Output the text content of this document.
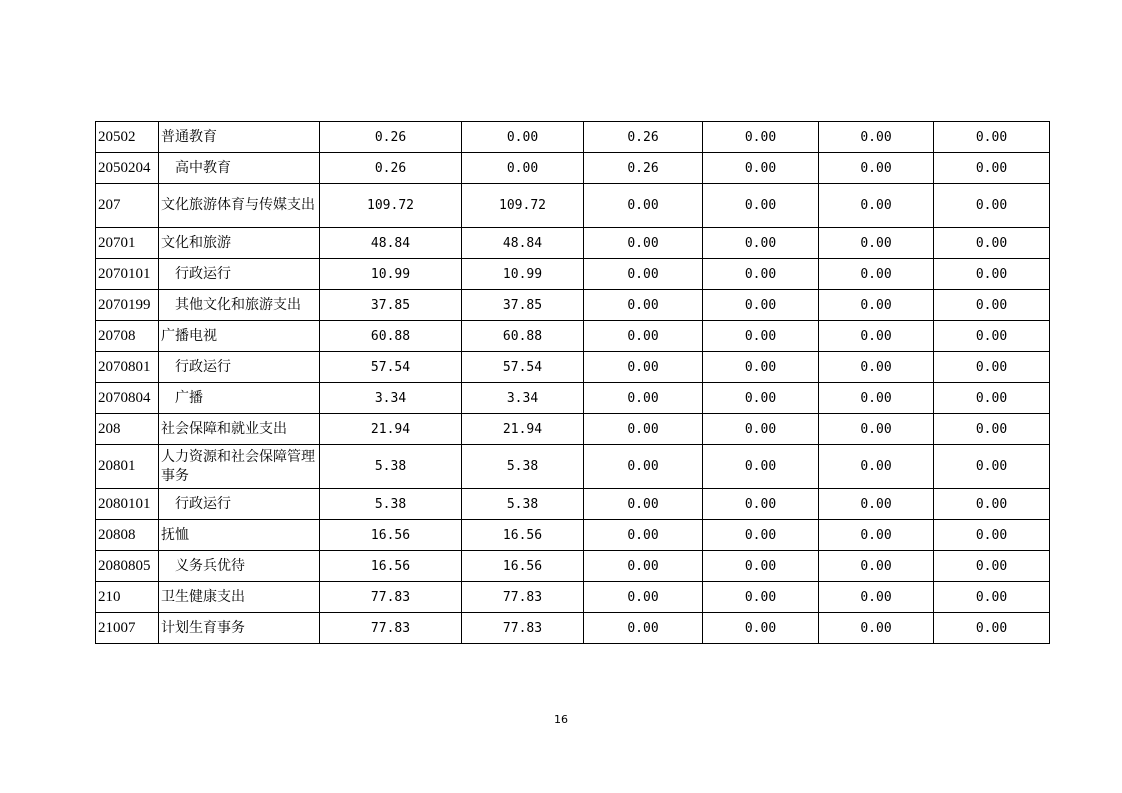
20502	普通教育	0.26	0.00	0.26	0.00	0.00	0.00
2050204	高中教育	0.26	0.00	0.26	0.00	0.00	0.00
207	文化旅游体育与传媒支出	109.72	109.72	0.00	0.00	0.00	0.00
20701	文化和旅游	48.84	48.84	0.00	0.00	0.00	0.00
2070101	行政运行	10.99	10.99	0.00	0.00	0.00	0.00
2070199	其他文化和旅游支出	37.85	37.85	0.00	0.00	0.00	0.00
20708	广播电视	60.88	60.88	0.00	0.00	0.00	0.00
2070801	行政运行	57.54	57.54	0.00	0.00	0.00	0.00
2070804	广播	3.34	3.34	0.00	0.00	0.00	0.00
208	社会保障和就业支出	21.94	21.94	0.00	0.00	0.00	0.00
20801	人力资源和社会保障管理事务	5.38	5.38	0.00	0.00	0.00	0.00
2080101	行政运行	5.38	5.38	0.00	0.00	0.00	0.00
20808	抚恤	16.56	16.56	0.00	0.00	0.00	0.00
2080805	义务兵优待	16.56	16.56	0.00	0.00	0.00	0.00
210	卫生健康支出	77.83	77.83	0.00	0.00	0.00	0.00
21007	计划生育事务	77.83	77.83	0.00	0.00	0.00	0.00
16
